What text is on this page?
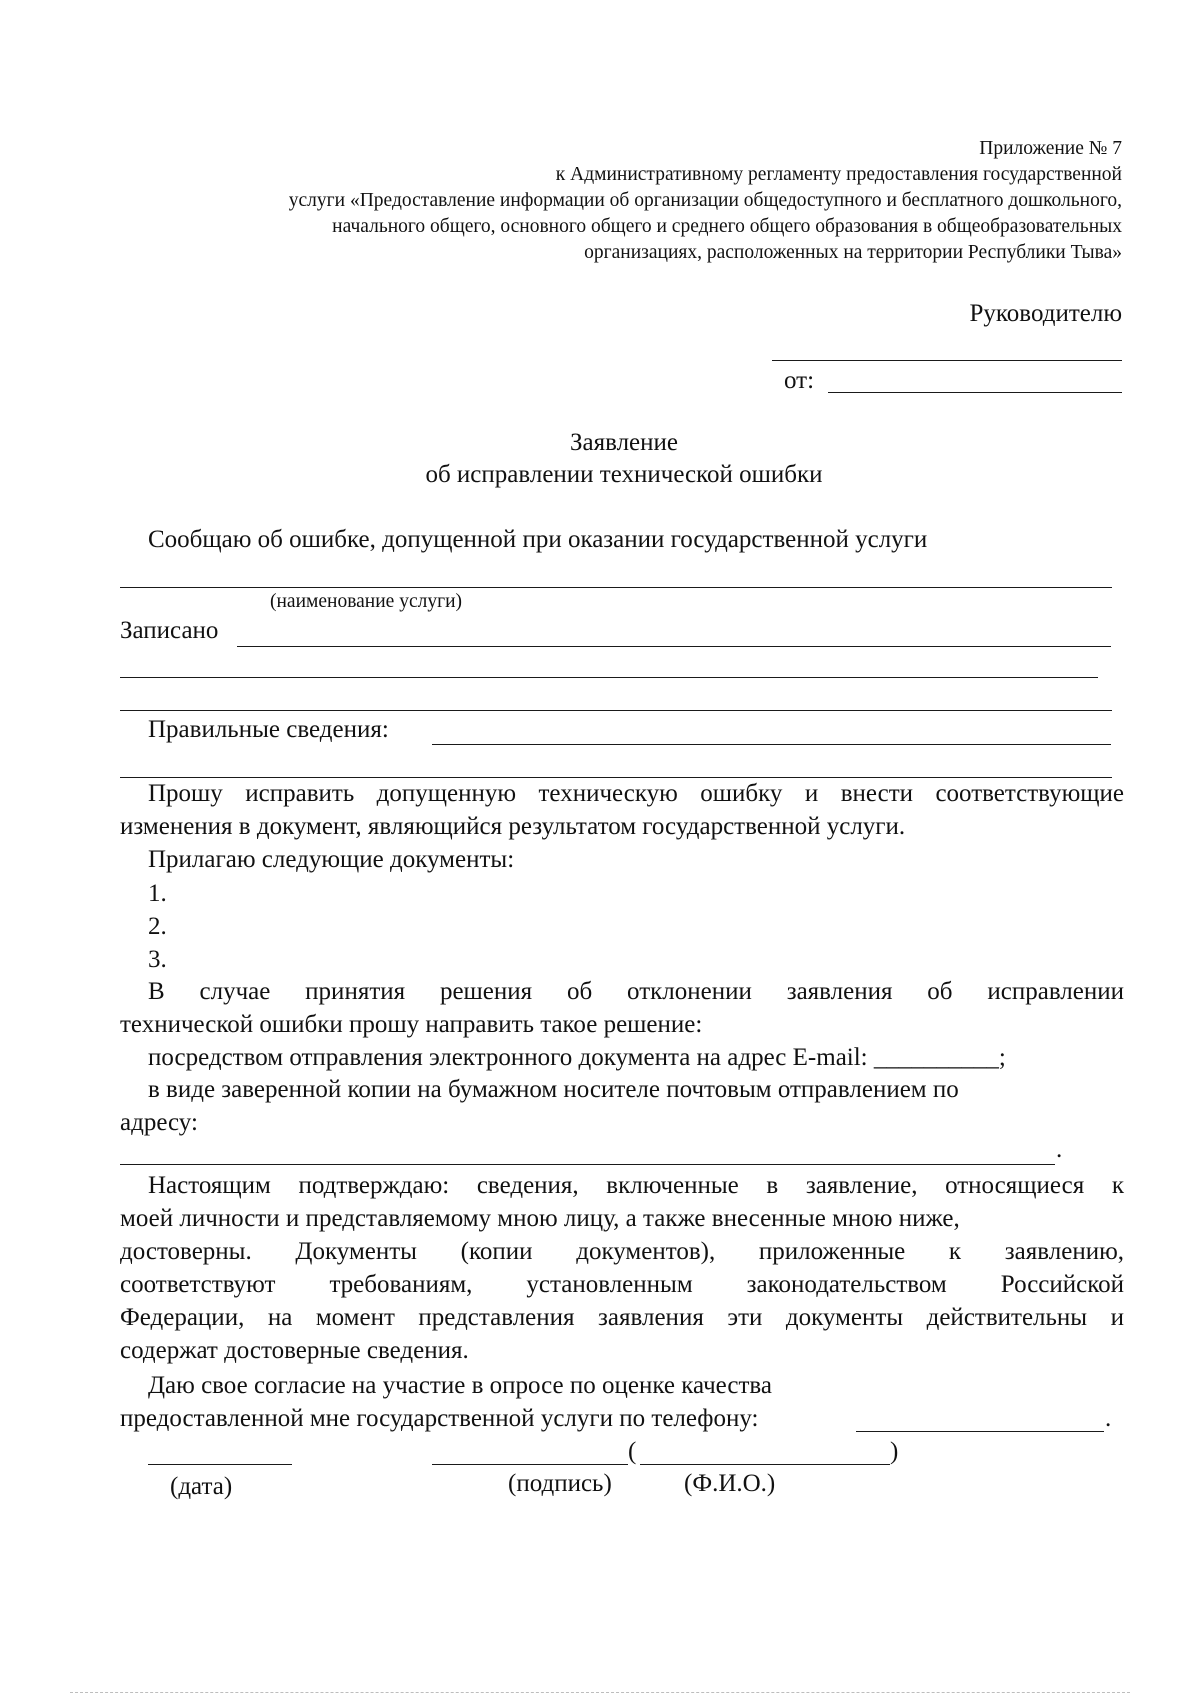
Приложение № 7
к Административному регламенту предоставления государственной
услуги «Предоставление информации об организации общедоступного и бесплатного дошкольного,
начального общего, основного общего и среднего общего образования в общеобразовательных
организациях, расположенных на территории Республики Тыва»
Руководителю
от:
Заявление
об исправлении технической ошибки
Сообщаю об ошибке, допущенной при оказании государственной услуги
(наименование услуги)
Записано
Правильные сведения:
Прошу исправить допущенную техническую ошибку и внести соответствующие
изменения в документ, являющийся результатом государственной услуги.
Прилагаю следующие документы:
1.
2.
3.
В случае принятия решения об отклонении заявления об исправлении
технической ошибки прошу направить такое решение:
посредством отправления электронного документа на адрес E-mail: __________;
в виде заверенной копии на бумажном носителе почтовым отправлением по
адресу:
.
Настоящим подтверждаю: сведения, включенные в заявление, относящиеся к
моей личности и представляемому мною лицу, а также внесенные мною ниже,
достоверны. Документы (копии документов), приложенные к заявлению,
соответствуют требованиям, установленным законодательством Российской
Федерации, на момент представления заявления эти документы действительны и
содержат достоверные сведения.
Даю свое согласие на участие в опросе по оценке качества
предоставленной мне государственной услуги по телефону:	.
(	)
(дата)	(подпись)	(Ф.И.О.)
